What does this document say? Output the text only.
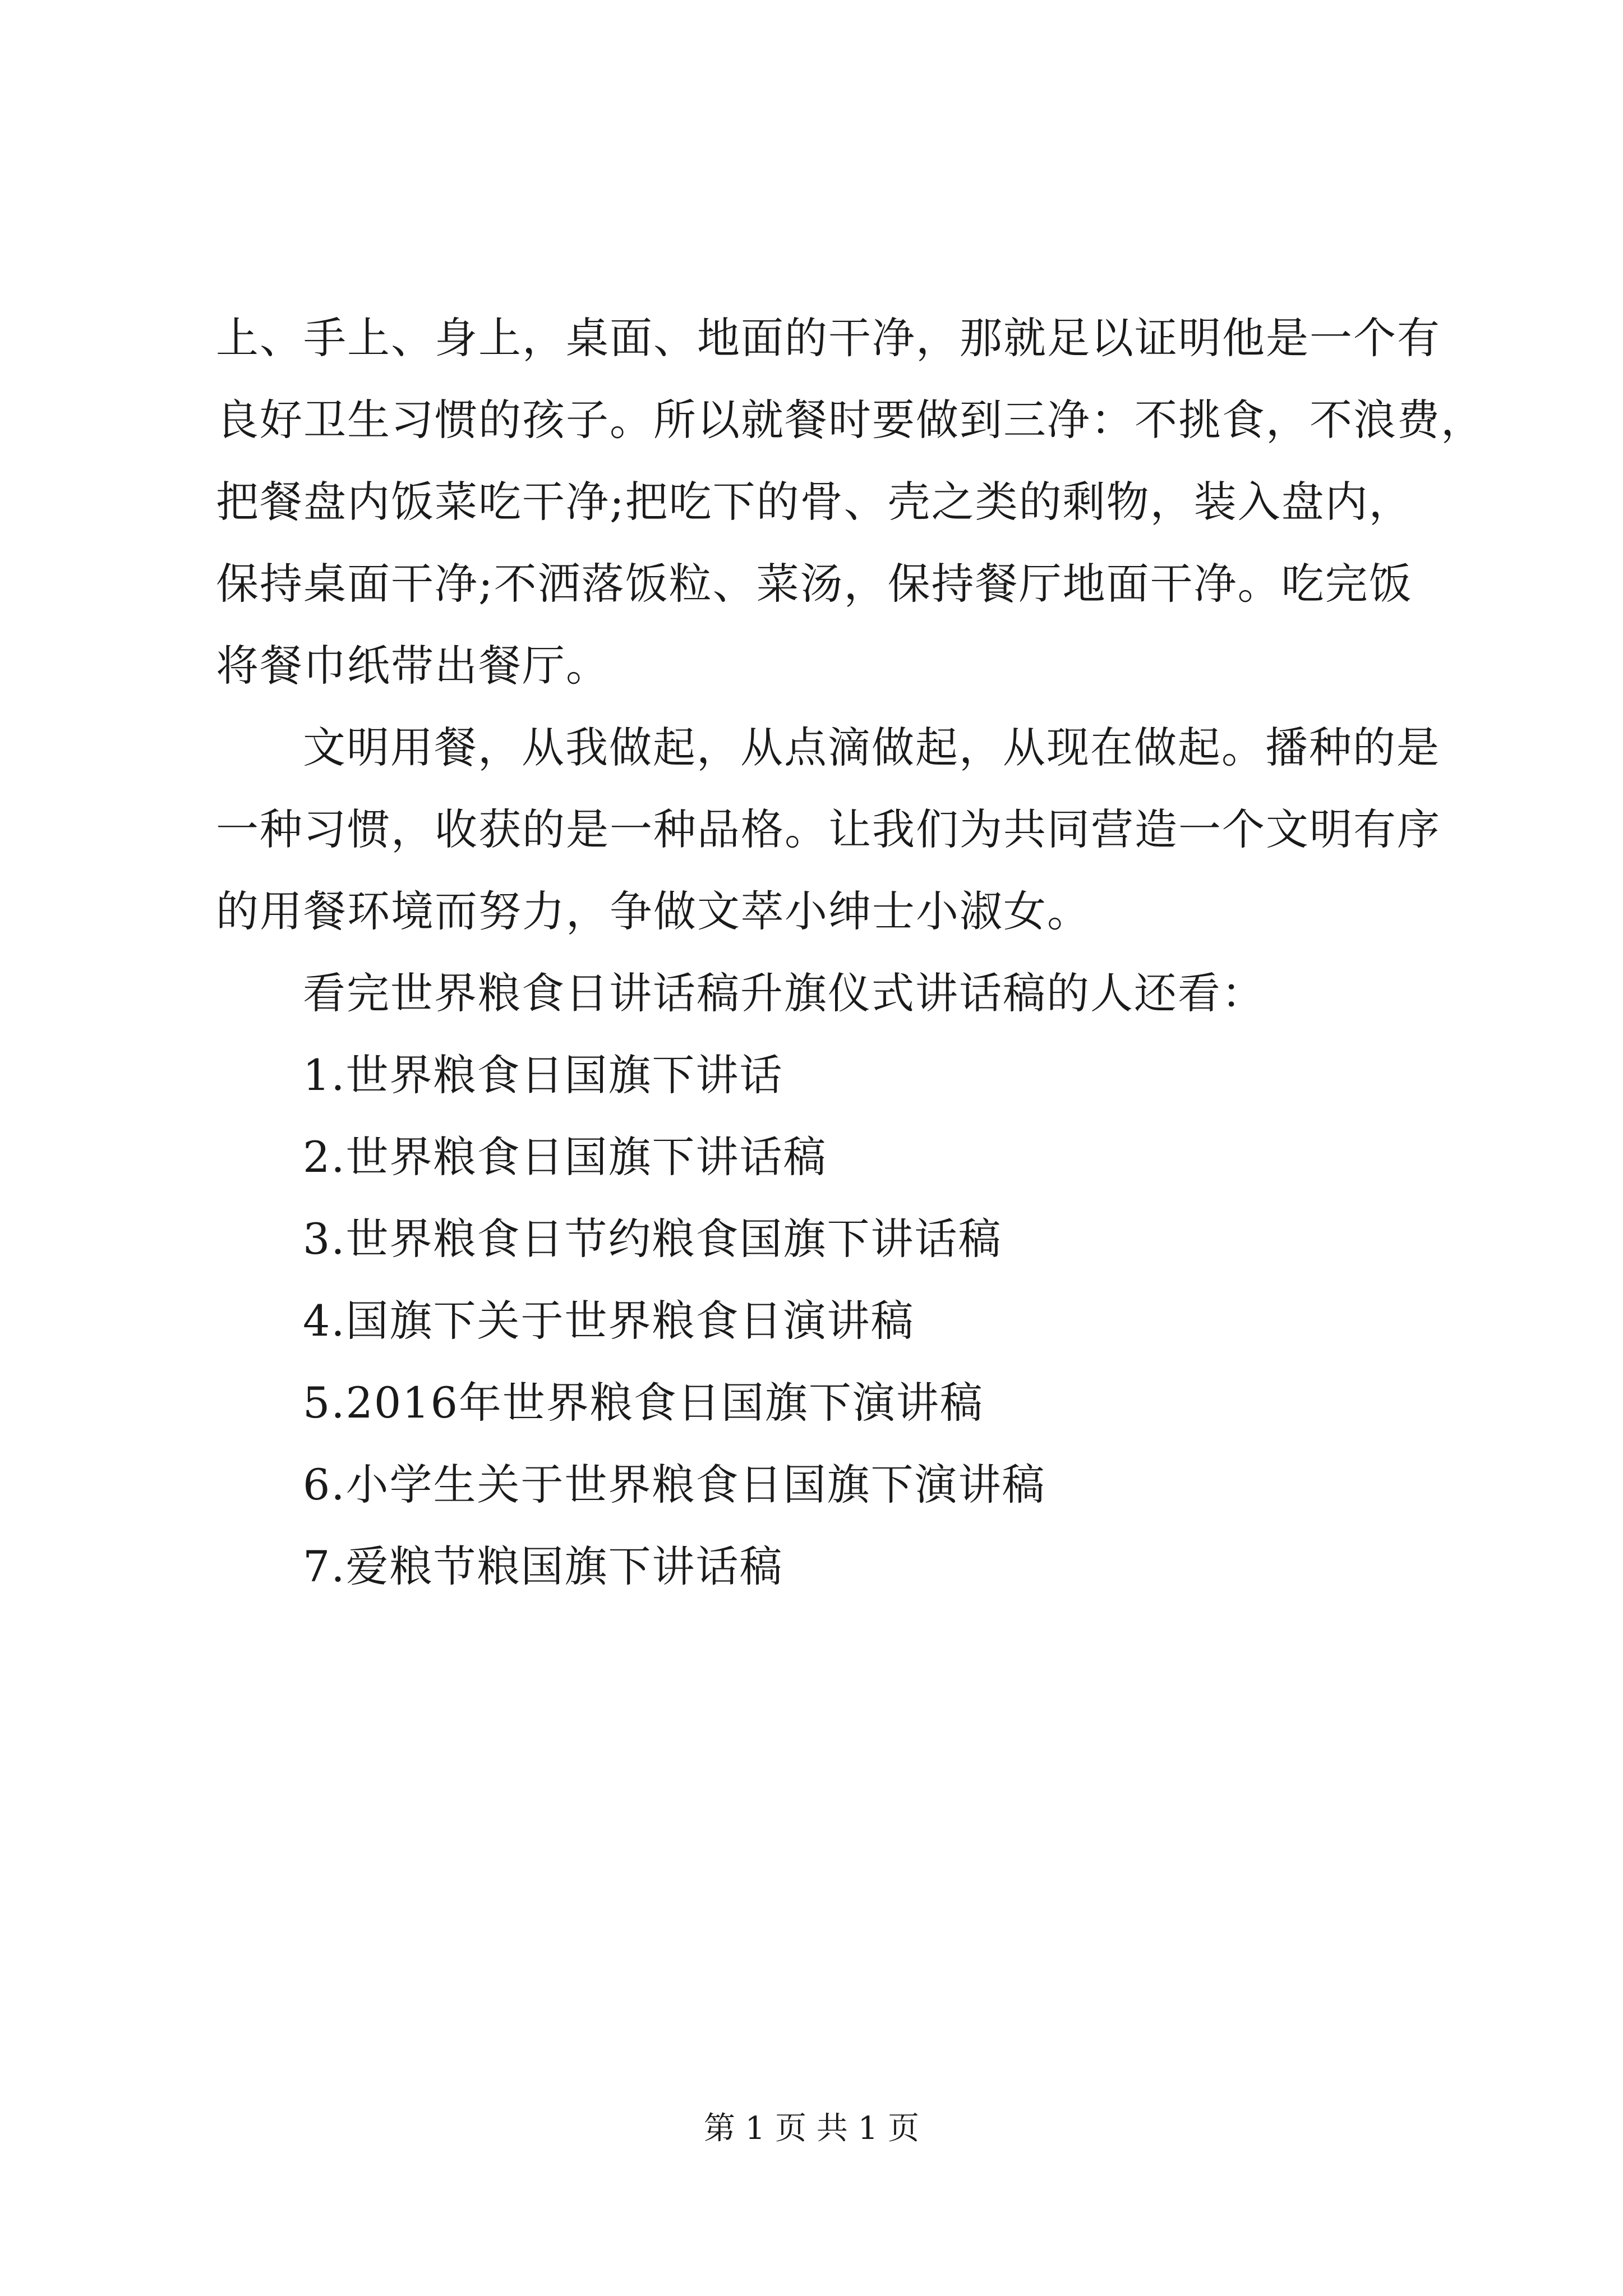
上、手上、身上，桌面、地面的干净，那就足以证明他是一个有
良好卫生习惯的孩子。所以就餐时要做到三净：不挑食，不浪费，
把餐盘内饭菜吃干净;把吃下的骨、壳之类的剩物，装入盘内，
保持桌面干净;不洒落饭粒、菜汤，保持餐厅地面干净。吃完饭
将餐巾纸带出餐厅。
文明用餐，从我做起，从点滴做起，从现在做起。播种的是
一种习惯，收获的是一种品格。让我们为共同营造一个文明有序
的用餐环境而努力，争做文萃小绅士小淑女。
看完世界粮食日讲话稿升旗仪式讲话稿的人还看：
1.世界粮食日国旗下讲话
2.世界粮食日国旗下讲话稿
3.世界粮食日节约粮食国旗下讲话稿
4.国旗下关于世界粮食日演讲稿
5.2016年世界粮食日国旗下演讲稿
6.小学生关于世界粮食日国旗下演讲稿
7.爱粮节粮国旗下讲话稿
第 1 页 共 1 页
